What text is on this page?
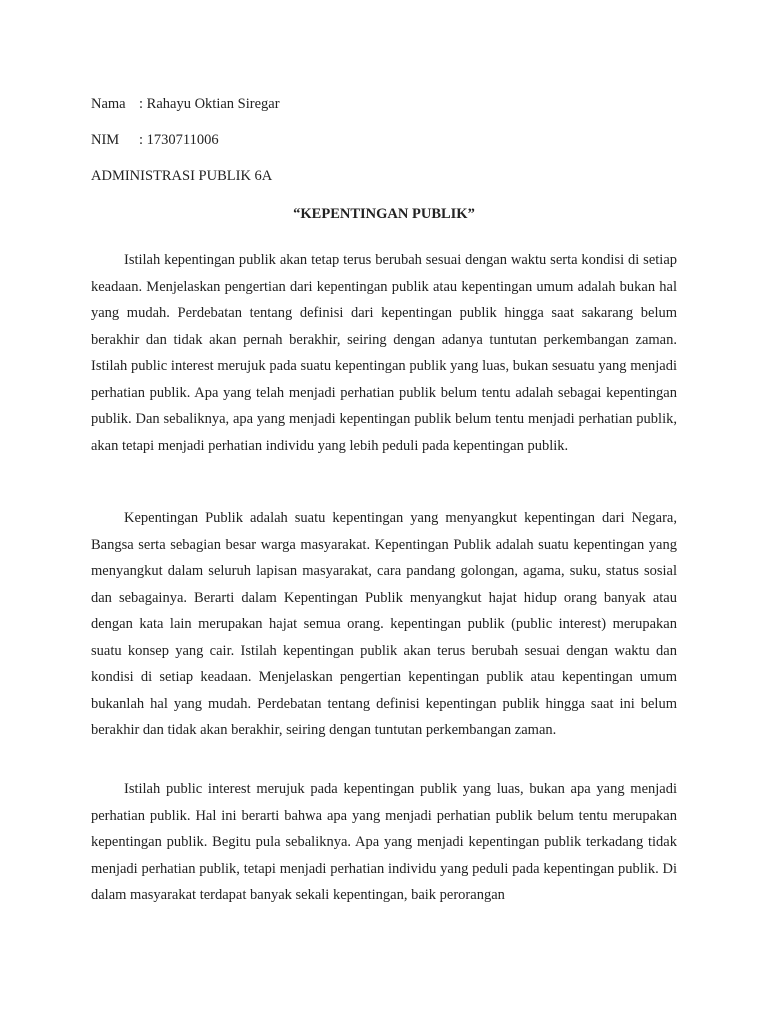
Nama : Rahayu Oktian Siregar
NIM : 1730711006
ADMINISTRASI PUBLIK 6A
“KEPENTINGAN PUBLIK”

Istilah kepentingan publik akan tetap terus berubah sesuai dengan waktu serta kondisi di setiap keadaan. Menjelaskan pengertian dari kepentingan publik atau kepentingan umum adalah bukan hal yang mudah. Perdebatan tentang definisi dari kepentingan publik hingga saat sakarang belum berakhir dan tidak akan pernah berakhir, seiring dengan adanya tuntutan perkembangan zaman. Istilah public interest merujuk pada suatu kepentingan publik yang luas, bukan sesuatu yang menjadi perhatian publik. Apa yang telah menjadi perhatian publik belum tentu adalah sebagai kepentingan publik. Dan sebaliknya, apa yang menjadi kepentingan publik belum tentu menjadi perhatian publik, akan tetapi menjadi perhatian individu yang lebih peduli pada kepentingan publik.

Kepentingan Publik adalah suatu kepentingan yang menyangkut kepentingan dari Negara, Bangsa serta sebagian besar warga masyarakat. Kepentingan Publik adalah suatu kepentingan yang menyangkut dalam seluruh lapisan masyarakat, cara pandang golongan, agama, suku, status sosial dan sebagainya. Berarti dalam Kepentingan Publik menyangkut hajat hidup orang banyak atau dengan kata lain merupakan hajat semua orang. kepentingan publik (public interest) merupakan suatu konsep yang cair. Istilah kepentingan publik akan terus berubah sesuai dengan waktu dan kondisi di setiap keadaan. Menjelaskan pengertian kepentingan publik atau kepentingan umum bukanlah hal yang mudah. Perdebatan tentang definisi kepentingan publik hingga saat ini belum berakhir dan tidak akan berakhir, seiring dengan tuntutan perkembangan zaman.

Istilah public interest merujuk pada kepentingan publik yang luas, bukan apa yang menjadi perhatian publik. Hal ini berarti bahwa apa yang menjadi perhatian publik belum tentu merupakan kepentingan publik. Begitu pula sebaliknya. Apa yang menjadi kepentingan publik terkadang tidak menjadi perhatian publik, tetapi menjadi perhatian individu yang peduli pada kepentingan publik. Di dalam masyarakat terdapat banyak sekali kepentingan, baik perorangan
